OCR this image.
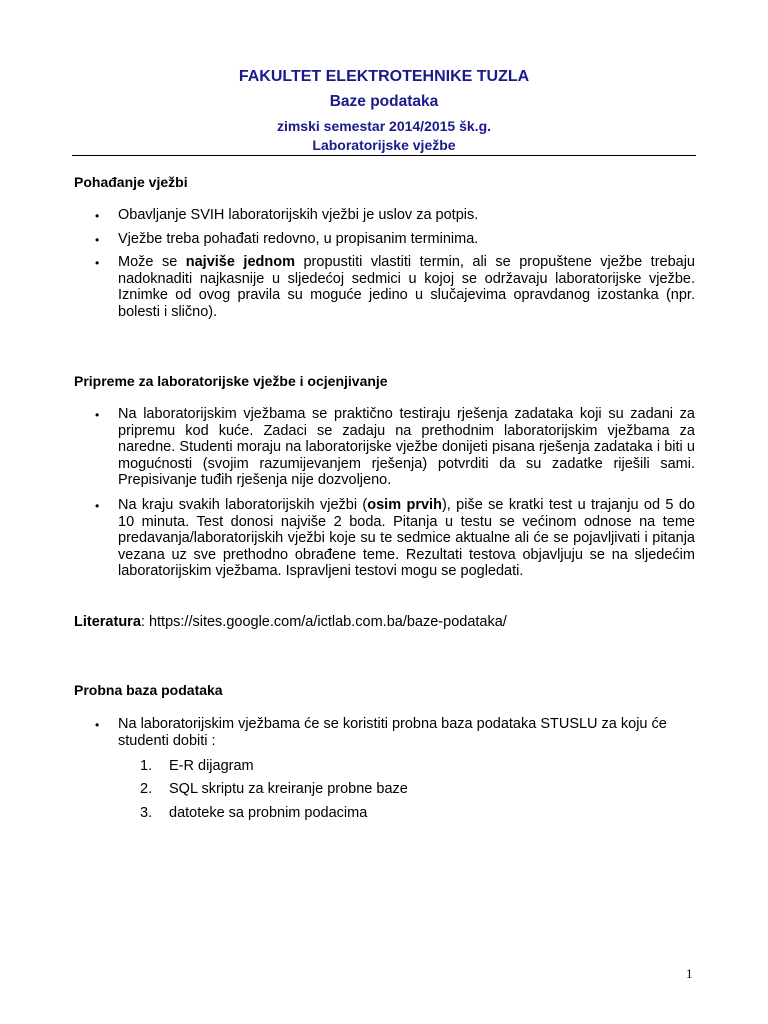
FAKULTET ELEKTROTEHNIKE TUZLA
Baze podataka
zimski semestar 2014/2015 šk.g.
Laboratorijske vježbe
Pohađanje vježbi
• Obavljanje SVIH laboratorijskih vježbi je uslov za potpis.
• Vježbe treba pohađati redovno, u propisanim terminima.
• Može se najviše jednom propustiti vlastiti termin, ali se propuštene vježbe trebaju nadoknaditi najkasnije u sljedećoj sedmici u kojoj se održavaju laboratorijske vježbe. Iznimke od ovog pravila su moguće jedino u slučajevima opravdanog izostanka (npr. bolesti i slično).
Pripreme za laboratorijske vježbe i ocjenjivanje
• Na laboratorijskim vježbama se praktično testiraju rješenja zadataka koji su zadani za pripremu kod kuće. Zadaci se zadaju na prethodnim laboratorijskim vježbama za naredne. Studenti moraju na laboratorijske vježbe donijeti pisana rješenja zadataka i biti u mogućnosti (svojim razumijevanjem rješenja) potvrditi da su zadatke riješili sami. Prepisivanje tuđih rješenja nije dozvoljeno.
• Na kraju svakih laboratorijskih vježbi (osim prvih), piše se kratki test u trajanju od 5 do 10 minuta. Test donosi najviše 2 boda. Pitanja u testu se većinom odnose na teme predavanja/laboratorijskih vježbi koje su te sedmice aktualne ali će se pojavljivati i pitanja vezana uz sve prethodno obrađene teme. Rezultati testova objavljuju se na sljedećim laboratorijskim vježbama. Ispravljeni testovi mogu se pogledati.
Literatura: https://sites.google.com/a/ictlab.com.ba/baze-podataka/
Probna baza podataka
• Na laboratorijskim vježbama će se koristiti probna baza podataka STUSLU za koju će studenti dobiti :
1. E-R dijagram
2. SQL skriptu za kreiranje probne baze
3. datoteke sa probnim podacima
1
